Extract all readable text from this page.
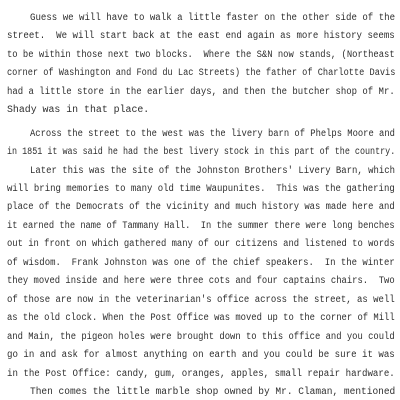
Guess we will have to walk a little faster on the other side of the
street.  We will start back at the east end again as more history seems
to be within those next two blocks.  Where the S&N now stands, (Northeast
corner of Washington and Fond du Lac Streets) the father of Charlotte Davis
had a little store in the earlier days, and then the butcher shop of Mr.
Shady was in that place.
Across the street to the west was the livery barn of Phelps Moore and
in 1851 it was said he had the best livery stock in this part of the country.
Later this was the site of the Johnston Brothers' Livery Barn, which
will bring memories to many old time Waupunites.  This was the gathering
place of the Democrats of the vicinity and much history was made here and
it earned the name of Tammany Hall.  In the summer there were long benches
out in front on which gathered many of our citizens and listened to words
of wisdom.  Frank Johnston was one of the chief speakers.  In the winter
they moved inside and here were three cots and four captains chairs.  Two
of those are now in the veterinarian's office across the street, as well
as the old clock. When the Post Office was moved up to the corner of Mill
and Main, the pigeon holes were brought down to this office and you could
go in and ask for almost anything on earth and you could be sure it was
in the Post Office: candy, gum, oranges, apples, small repair hardware.
Then comes the little marble shop owned by Mr. Claman, mentioned
